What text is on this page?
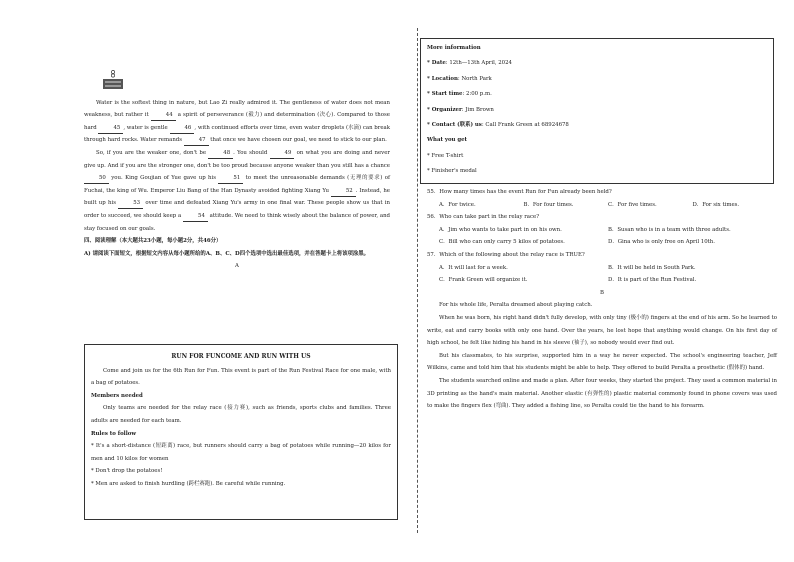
Water is the softest thing in nature, but Lao Zi really admired it. The gentleness of water does not mean weakness, but rather it	44 a spirit of perseverance (毅力) and determination (决心). Compared to those hard	45 , water is gentle	46 , with continued efforts over time, even water droplets (水滴) can break through hard rocks. Water remands	47 that once we have chosen our goal, we need to stick to our plan.

So, if you are the weaker one, don't be	48 . You should	49 on what you are doing and never give up. And if you are the stronger one, don't be too proud because anyone weaker than you still has a chance 50 you. King Goujian of Yue gave up his	51 to meet the unreasonable demands (无理的要求) of Fuchai, the king of Wu. Emperor Liu Bang of the Han Dynasty avoided fighting Xiang Yu	52 . Instead, he built up his	53 over time and defeated Xiang Yu's army in one final war. These people show us that in order to succeed, we should keep a	54 attitude. We need to think wisely about the balance of power, and stay focused on our goals.

四、阅读理解（本大题共23小题，每小题2分，共46分）

A) 请阅读下面短文，根据短文内容从每小题所给的A、B、C、D四个选项中选出最佳选项，并在答题卡上将该项涂黑。

A

RUN FOR FUNCOME AND RUN WITH US

Come and join us for the 6th Run for Fun. This event is part of the Run Festival Race for one male, with a bag of potatoes.

Members needed

Only teams are needed for the relay race (接力赛), such as friends, sports clubs and families. Three adults are needed for each team.

Rules to follow

* It's a short-distance (短距离) race, but runners should carry a bag of potatoes while running—20 kilos for men and 10 kilos for women

* Don't drop the potatoes!

* Men are asked to finish hurdling (跨栏赛跑). Be careful while running.

More information

* Date: 12th—13th April, 2024

* Location: North Park

* Start time: 2:00 p.m.

* Organizer: Jim Brown

* Contact (联系) us: Call Frank Green at 68924678

What you get

* Free T-shirt

* Finisher's medal

55．How many times has the event Run for Fun already been held?

A．For twice.	B．For four times.	C．For five times.	D．For six times.

56．Who can take part in the relay race?

A．Jim who wants to take part in on his own.	B．Susan who is in a team with three adults.
C．Bill who can only carry 5 kilos of potatoes.	D．Gina who is only free on April 10th.

57．Which of the following about the relay race is TRUE?

A．It will last for a week.	B．It will be held in South Park.
C．Frank Green will organize it.	D．It is part of the Run Festival.

B

For his whole life, Peralta dreamed about playing catch.

When he was born, his right hand didn't fully develop, with only tiny (极小的) fingers at the end of his arm. So he learned to write, eat and carry books with only one hand. Over the years, he lost hope that anything would change. On his first day of high school, he felt like hiding his hand in his sleeve (袖子), so nobody would ever find out.

But his classmates, to his surprise, supported him in a way he never expected. The school's engineering teacher, Jeff Wilkins, came and told him that his students might be able to help. They offered to build Peralta a prosthetic (假体的) hand.

The students searched online and made a plan. After four weeks, they started the project. They used a common material in 3D printing as the hand's main material. Another elastic (有弹性的) plastic material commonly found in phone covers was used to make the fingers flex (弯曲). They added a fishing line, so Peralta could tie the hand to his forearm.
